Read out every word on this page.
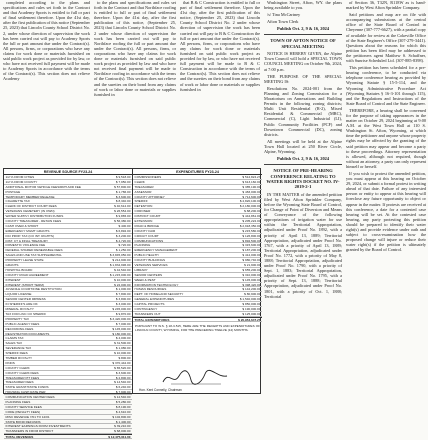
completed according to the plans and specifications and rules set forth in the Contract and that Academy Sports is entitled to full or part of final settlement therefore. Upon the 41st day, after the first publication of this notice (September 25, 2023) that Lincoln County School District No. 2, under whose direction of supervision the work has been carried out will pay to Academy Sports the full or part amount due under the Contract(s). All persons, firms, or corporations who have any claims for work done or materials furnished on said public work project as provided for by law, or who have not received full payment will be made to Academy Sports in accordance with the terms of the Contract(s). This section does not relieve Academy

to the plans and specifications and rules set forth in the Contract and that Northface roofing is entitled to full or part of final settlement therefore. Upon the 41st day, after the first publication of this notice, (September 25, 2023) that Lincoln County School District No. 2 under whose direction of supervision the work has been carried out will pay to Northface roofing the full or part amount due under the Contract(s). All persons, firms, or corporations who have any claims for work done or materials furnished on said public work project as provided by law and who have not received final payment will be made to Northface roofing in accordance with the terms of the Contract(s). This section does not relieve and the sureties on their bond from any claims of work or labor done or materials or supplies furnished in

that B & C Construction is entitled to full or part of final settlement therefore. Upon the 41st day, after the first publication of this notice, (September 25, 2023) that Lincoln County School District No. 2 under whose direction of supervision the work has been carried out will pay to B & C Construction the full or part amount due under the Contract(s). All persons, firms, or corporations who have any claims for work done or materials furnished on said public work project as provided for by law, or who have not received full payment will be made to B & C Construction in accordance with the terms of the Contract(s). This section does not relieve and the sureties on their bond from any claims of work or labor done or materials or supplies furnished in

Washington Street, Afton, WY. the plans being available to you.

/s/ Tina McCartney

Afton Town Clerk

Publish Oct. 2, 9 & 16, 2024

TOWN OF AFTON NOTICE OF SPECIAL MEETING

NOTICE IS HEREBY GIVEN, the Alpine Town Council will hold a SPECIAL TOWN COUNCIL MEETING on October 9th, 2024, at 7:00 p.m.

THE PURPOSE OF THE SPECIAL MEETING IS:

Resolutions No. 2024-001 from the Planning and Zoning Commission for a Moratorium on Annexations and Building Permits in the following zoning districts; Multi Unit Residential (R-2), Mixed Residential & Commercial (MRC), Commercial (C), Light Industrial (LI), Public Community Facilities (PCF) and Downtown Commercial (DC), zoning districts.

All meetings will be held at the Alpine Town Hall located at 250 River Circle, Alpine, Wyoming.

Publish Oct. 2, 9 & 16, 2024

NOTICE OF PRE-HEARING CONFERENCE RELATING TO WATER RIGHTS DOCKET NO. IV-2019-2-1

IN THE MATTER of the amended petition filed by West Afton Sprinkler Company, before the Wyoming State Board of Control, for Change of Point of Diversion and Means of Conveyance of the following appropriations of irrigation water for use within the Territorial Appropriation, adjudicated under Proof No. 1892, with a priority of April 13, 1889; Territorial Appropriation, adjudicated under Proof No. 1767, with a priority of April 13, 1889; Territorial Appropriation, adjudicated under Proof No. 1772, with a priority of May 8, 1888; Territorial Appropriation, adjudicated under Proof No. 1790, with a priority of Sept. 1, 1883; Territorial Appropriation, adjudicated under Proof No. 1795, with a priority of Sept. 13, 1888; Territorial Appropriation, adjudicated under Proof No. 1801, with a priority of Oct. 1, 1888; Territorial

of Section 36, T32N, R118W as is hand-marked by West Afton Sprinkler Company.

Said petitions and map are on file with accompanying submissions at the central office of the State Board of Control in Cheyenne (307-777-6627), with a partial copy of available for review at the Cokeville Office of the State Engineer's Office (307-279-3441). Questions about the reasons for which this petition has been filed may be addressed to the petitioners agent Matthew S. Schaffner, with Sunrise Scheduled Ltd. (307-885-8398).

This petition has been scheduled for a pre-hearing conference, to be conducted via telephone conference hearing as provided by Wyoming Statute § 15-5-114, and the Wyoming Administrative Procedure Act (Wyoming Statutes § 16-3-101 through 115), and the Regulations and Instructions of the State Board of Control and the State Engineer.

THEREFORE, a hearing shall be convened for the purpose of taking appearances in the matter on October 29, 2024 beginning at 9:00 A.M. at the West Town Hall at 110 S. Washington St. Afton, Wyoming, at which time the petitioner and anyone whose property rights may be affected by the granting of the said petition may appear and become a party to these proceedings. Attorney representation is allowed, although not required, though without an attorney, a party can only represent himself or herself.

If you wish to protest the amended petition, you must appear at this hearing on October 29, 2024, or submit a formal protest in writing ahead of that date. Failure of any interested person or entity to appear at this hearing will foreclose any future opportunity to object or appear in the matter. If protests are received at this conference, a date for a contested case hearing will be set. At the contested case hearing, any party protesting this petition should be prepared to identify their water right(s) and provide evidence under oath and subject to cross-examination how the proposed change will injure or reduce their water right(s) if the petition is ultimately granted by the Board of Control.

REVENUE SOURCE FY23-24
1/2 % FROM CITIES	$ 9,518.00
1/2 % FROM COUNTY	$ 7,950.00
ADDITIONAL MOTOR VEHICLE FEES/RRH ADD FEE	$ 57,800.00
POSTAGE	$ 1,786.00
TEMPORARY MEMBER RELEASE	$ 3,600.00
CIGARETTE TAX	$ 8,340.00
CLERK OF DISTRICT COURT FEES	$ 40,612.00
VETERANS CEMETERY (IN OWN)	$ 26,554.00
WATER SUPPLY DISTRIBUTION FUNDS	$ 9,865.00
COUNTY TREASURER - RETAIN FEES	$ 56,380.00
CASH OVER & SHORT	$ 400.00
EMERGENCY MGMT GRANTS	$ 6,892.00
DCI PROP. TAX (CO INT. RIGHTS)	$ 3,200.00
DIST. CT & FINAL TREASURY	$ 4,720.00
DOMESTIC VIOLENCE FEE	$ 720.00
FEDERAL SHARED RENEWABLE FEES	$ 1,250.00
SALES AND USE TAX SUPPLEMENTAL	$ 3,845,050.00
PROPERTY LEASE STATE	$ 214,900.00
GRANTS	$ 1,834,996.00
HOSPITAL BOARD	$ 42,540.00
COUNTY ROAD AGREEMENT	$ 1,215,000.00
INTEREST	$ 10,000.00
INTEREST (SHORT TERM)	$ 22,000.00
JUVENILE COURT/FINE RESTITUTION	$ 1,000.00
LIQUOR LICENSE	$ 7,800.00
SENIOR CENTER IMPRESS	$ 3,800.00
IN SHERIFF'S ARE OK	$ 3,000.00
MINERAL ROYALTY	$ 245,000.00
TAX FOR LINC CO SHERIFF	$ 9,870.00
PROPERTY TAX	$ 3,420,000.00
PUBLIC AGENCY FEES	$ 7,000.00
RECORDING FEES	$ 145,000.00
REGISTRATION DOCUMENTS	$ 180,000.00
CLAIMS TAX	$ 4,000.00
SALES TAX	$ 31,500.00
SEVERANCE TAX	$ 1,080.00
SHERIFF FEES	$ 10,000.00
TIMBER ROYALTY	$ 800.00
FINDS	$ 370,442.00
COUNTY CLERK	$ 65,520.00
COUNTY CLERK FEES	$ 3,600.00
TREASURER PIT FEES	$ 2,800.00
TREASURER FEES	$ 14,540.00
STATE GRANT/STATE FUNDS	$ 6,240.00
HOUSING CASH RATE PER	$ 7,900.00
COMMUNICATION CENTER FEES	$ 12,540.00
PLANNING FEES	$ 5,280.00
COUNTY SERVICE FEES	$ 8,190.00
CODE (PENALTY FEES)	$ 4,610.00
MISC REVENUE 7/01 TO 12/01	$ 102,800.00
STATE BOND REFUNDS	$ 1,400.00
INTEREST EARNINGS FROM INVESTMENTS	$ 39,210.00
TRANSFERS IN FROM DISTRICT	$ 68,000.00
TOTAL REVENUES	$ 12,475,611.00
EXPENDITURES FY23-24
COMMISSIONERS	$ 512,824.27
CLERK	$ 613,160.00
TREASURER	$ 385,190.00
ASSESSOR	$ 483,000.00
COUNTY ATTORNEY	$ 714,600.00
SHERIFF	$ 4,820,100.00
DETENTION	$ 2,180,000.00
CORONER	$ 88,200.00
DISTRICT COURT	$ 444,861.00
EXTENSION	$ 205,222.00
ROAD & BRIDGE	$ 2,918,350.00
COUNTY FAIR	$ 215,580.00
CIRCUIT COURT	$ 126,800.00
COMMUNICATIONS	$ 892,500.00
PLANNING	$ 315,600.00
EMERGENCY MANAGEMENT	$ 187,200.00
PUBLIC HEALTH	$ 412,000.00
COUNTY BUILDINGS	$ 980,740.00
VETERANS SERVICES	$ 21,900.00
LIBRARY	$ 655,200.00
SENIOR CENTERS	$ 310,000.00
WEED & PEST	$ 145,000.00
INFORMATION TECHNOLOGY	$ 398,420.00
HUMAN RESOURCES	$ 142,200.00
DEPT. OF HOMELAND SECURITY	$ 80,900.00
GENERAL EXPENDITURES	$ 1,540,000.00
CAPITAL PROJECTS	$ 850,000.00
CONTINGENCY	$ 190,000.00
TRANSFERS OUT	$ 125,000.00
TOTAL EXPENDITURES	$ 20,954,647.27

PURSUANT TO W.S. § 18-3-515, HERE ARE THE RECEIPTS AND EXPENDITURES OF LINCOLN COUNTY, WYOMING, FOR THE PRECEDING TWELVE (12) MONTHS.

Hon. Kent Connelly, Chairman
